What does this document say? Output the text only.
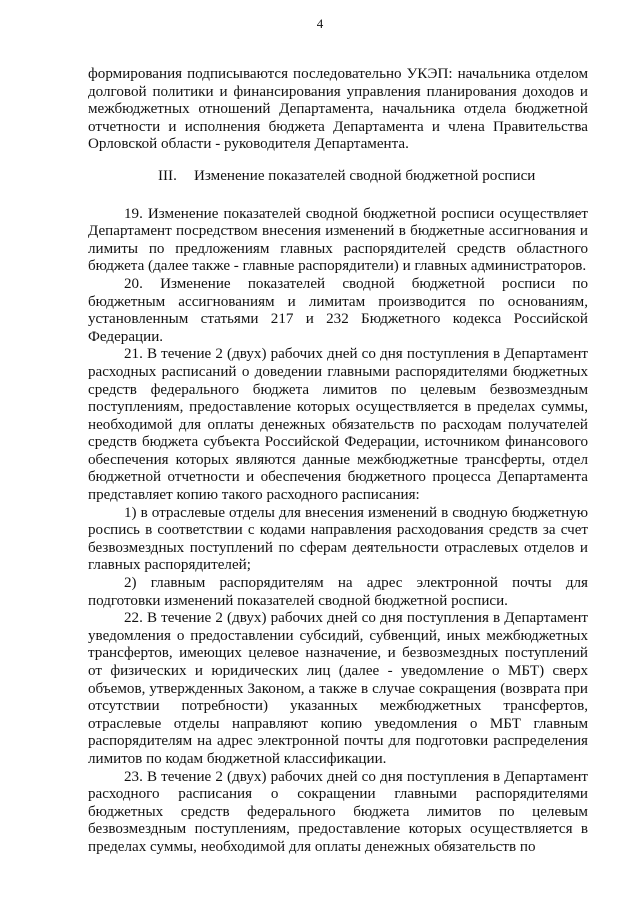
4

формирования подписываются последовательно УКЭП: начальника отделом долговой политики и финансирования управления планирования доходов и межбюджетных отношений Департамента, начальника отдела бюджетной отчетности и исполнения бюджета Департамента и члена Правительства Орловской области - руководителя Департамента.

III. Изменение показателей сводной бюджетной росписи

19. Изменение показателей сводной бюджетной росписи осуществляет Департамент посредством внесения изменений в бюджетные ассигнования и лимиты по предложениям главных распорядителей средств областного бюджета (далее также - главные распорядители) и главных администраторов.

20. Изменение показателей сводной бюджетной росписи по бюджетным ассигнованиям и лимитам производится по основаниям, установленным статьями 217 и 232 Бюджетного кодекса Российской Федерации.

21. В течение 2 (двух) рабочих дней со дня поступления в Департамент расходных расписаний о доведении главными распорядителями бюджетных средств федерального бюджета лимитов по целевым безвозмездным поступлениям, предоставление которых осуществляется в пределах суммы, необходимой для оплаты денежных обязательств по расходам получателей средств бюджета субъекта Российской Федерации, источником финансового обеспечения которых являются данные межбюджетные трансферты, отдел бюджетной отчетности и обеспечения бюджетного процесса Департамента представляет копию такого расходного расписания:

1) в отраслевые отделы для внесения изменений в сводную бюджетную роспись в соответствии с кодами направления расходования средств за счет безвозмездных поступлений по сферам деятельности отраслевых отделов и главных распорядителей;

2) главным распорядителям на адрес электронной почты для подготовки изменений показателей сводной бюджетной росписи.

22. В течение 2 (двух) рабочих дней со дня поступления в Департамент уведомления о предоставлении субсидий, субвенций, иных межбюджетных трансфертов, имеющих целевое назначение, и безвозмездных поступлений от физических и юридических лиц (далее - уведомление о МБТ) сверх объемов, утвержденных Законом, а также в случае сокращения (возврата при отсутствии потребности) указанных межбюджетных трансфертов, отраслевые отделы направляют копию уведомления о МБТ главным распорядителям на адрес электронной почты для подготовки распределения лимитов по кодам бюджетной классификации.

23. В течение 2 (двух) рабочих дней со дня поступления в Департамент расходного расписания о сокращении главными распорядителями бюджетных средств федерального бюджета лимитов по целевым безвозмездным поступлениям, предоставление которых осуществляется в пределах суммы, необходимой для оплаты денежных обязательств по
